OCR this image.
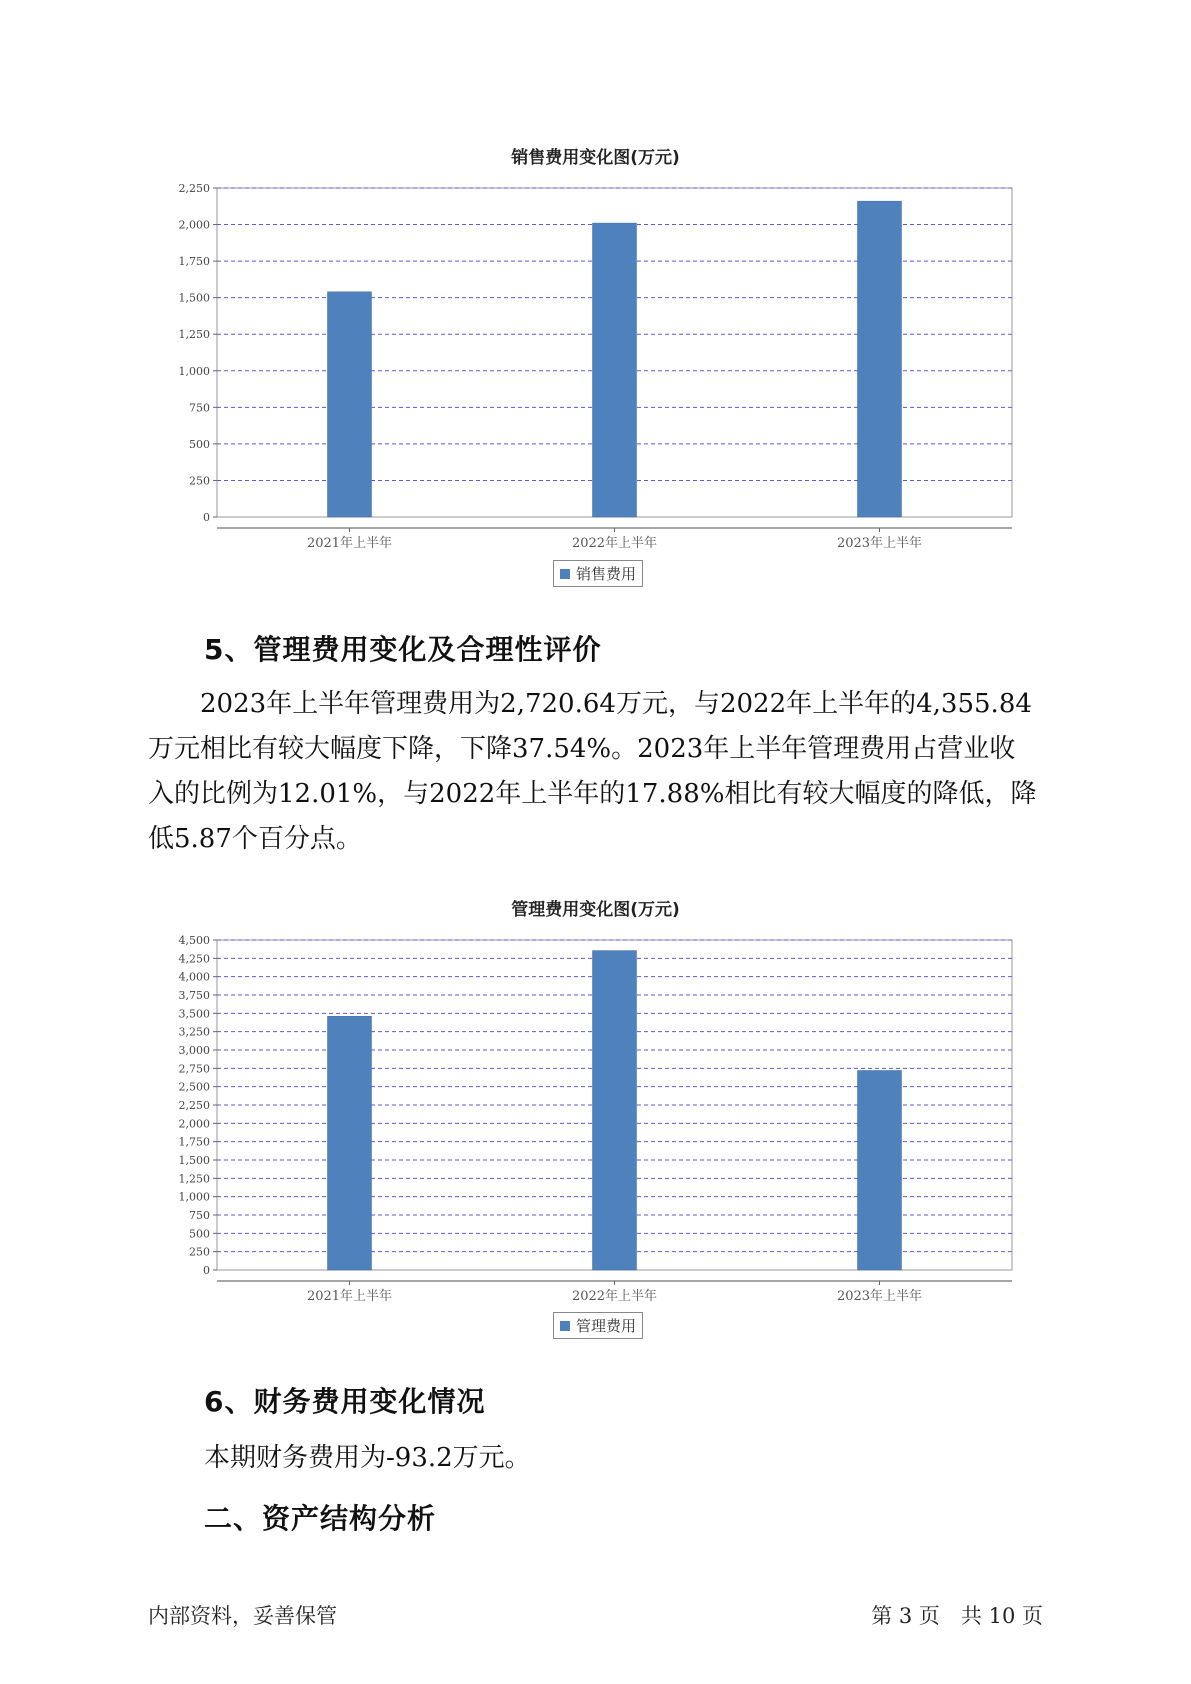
销售费用变化图(万元)
0
250
500
750
1,000
1,250
1,500
1,750
2,000
2,250
2021年上半年	2022年上半年	2023年上半年
销售费用
5、管理费用变化及合理性评价
2023年上半年管理费用为2,720.64万元，与2022年上半年的4,355.84
万元相比有较大幅度下降，下降37.54%。2023年上半年管理费用占营业收
入的比例为12.01%，与2022年上半年的17.88%相比有较大幅度的降低，降
低5.87个百分点。
管理费用变化图(万元)
0
250
500
750
1,000
1,250
1,500
1,750
2,000
2,250
2,500
2,750
3,000
3,250
3,500
3,750
4,000
4,250
4,500
2021年上半年	2022年上半年	2023年上半年
管理费用
6、财务费用变化情况
本期财务费用为-93.2万元。
二、资产结构分析
内部资料，妥善保管	第 3 页　共 10 页
